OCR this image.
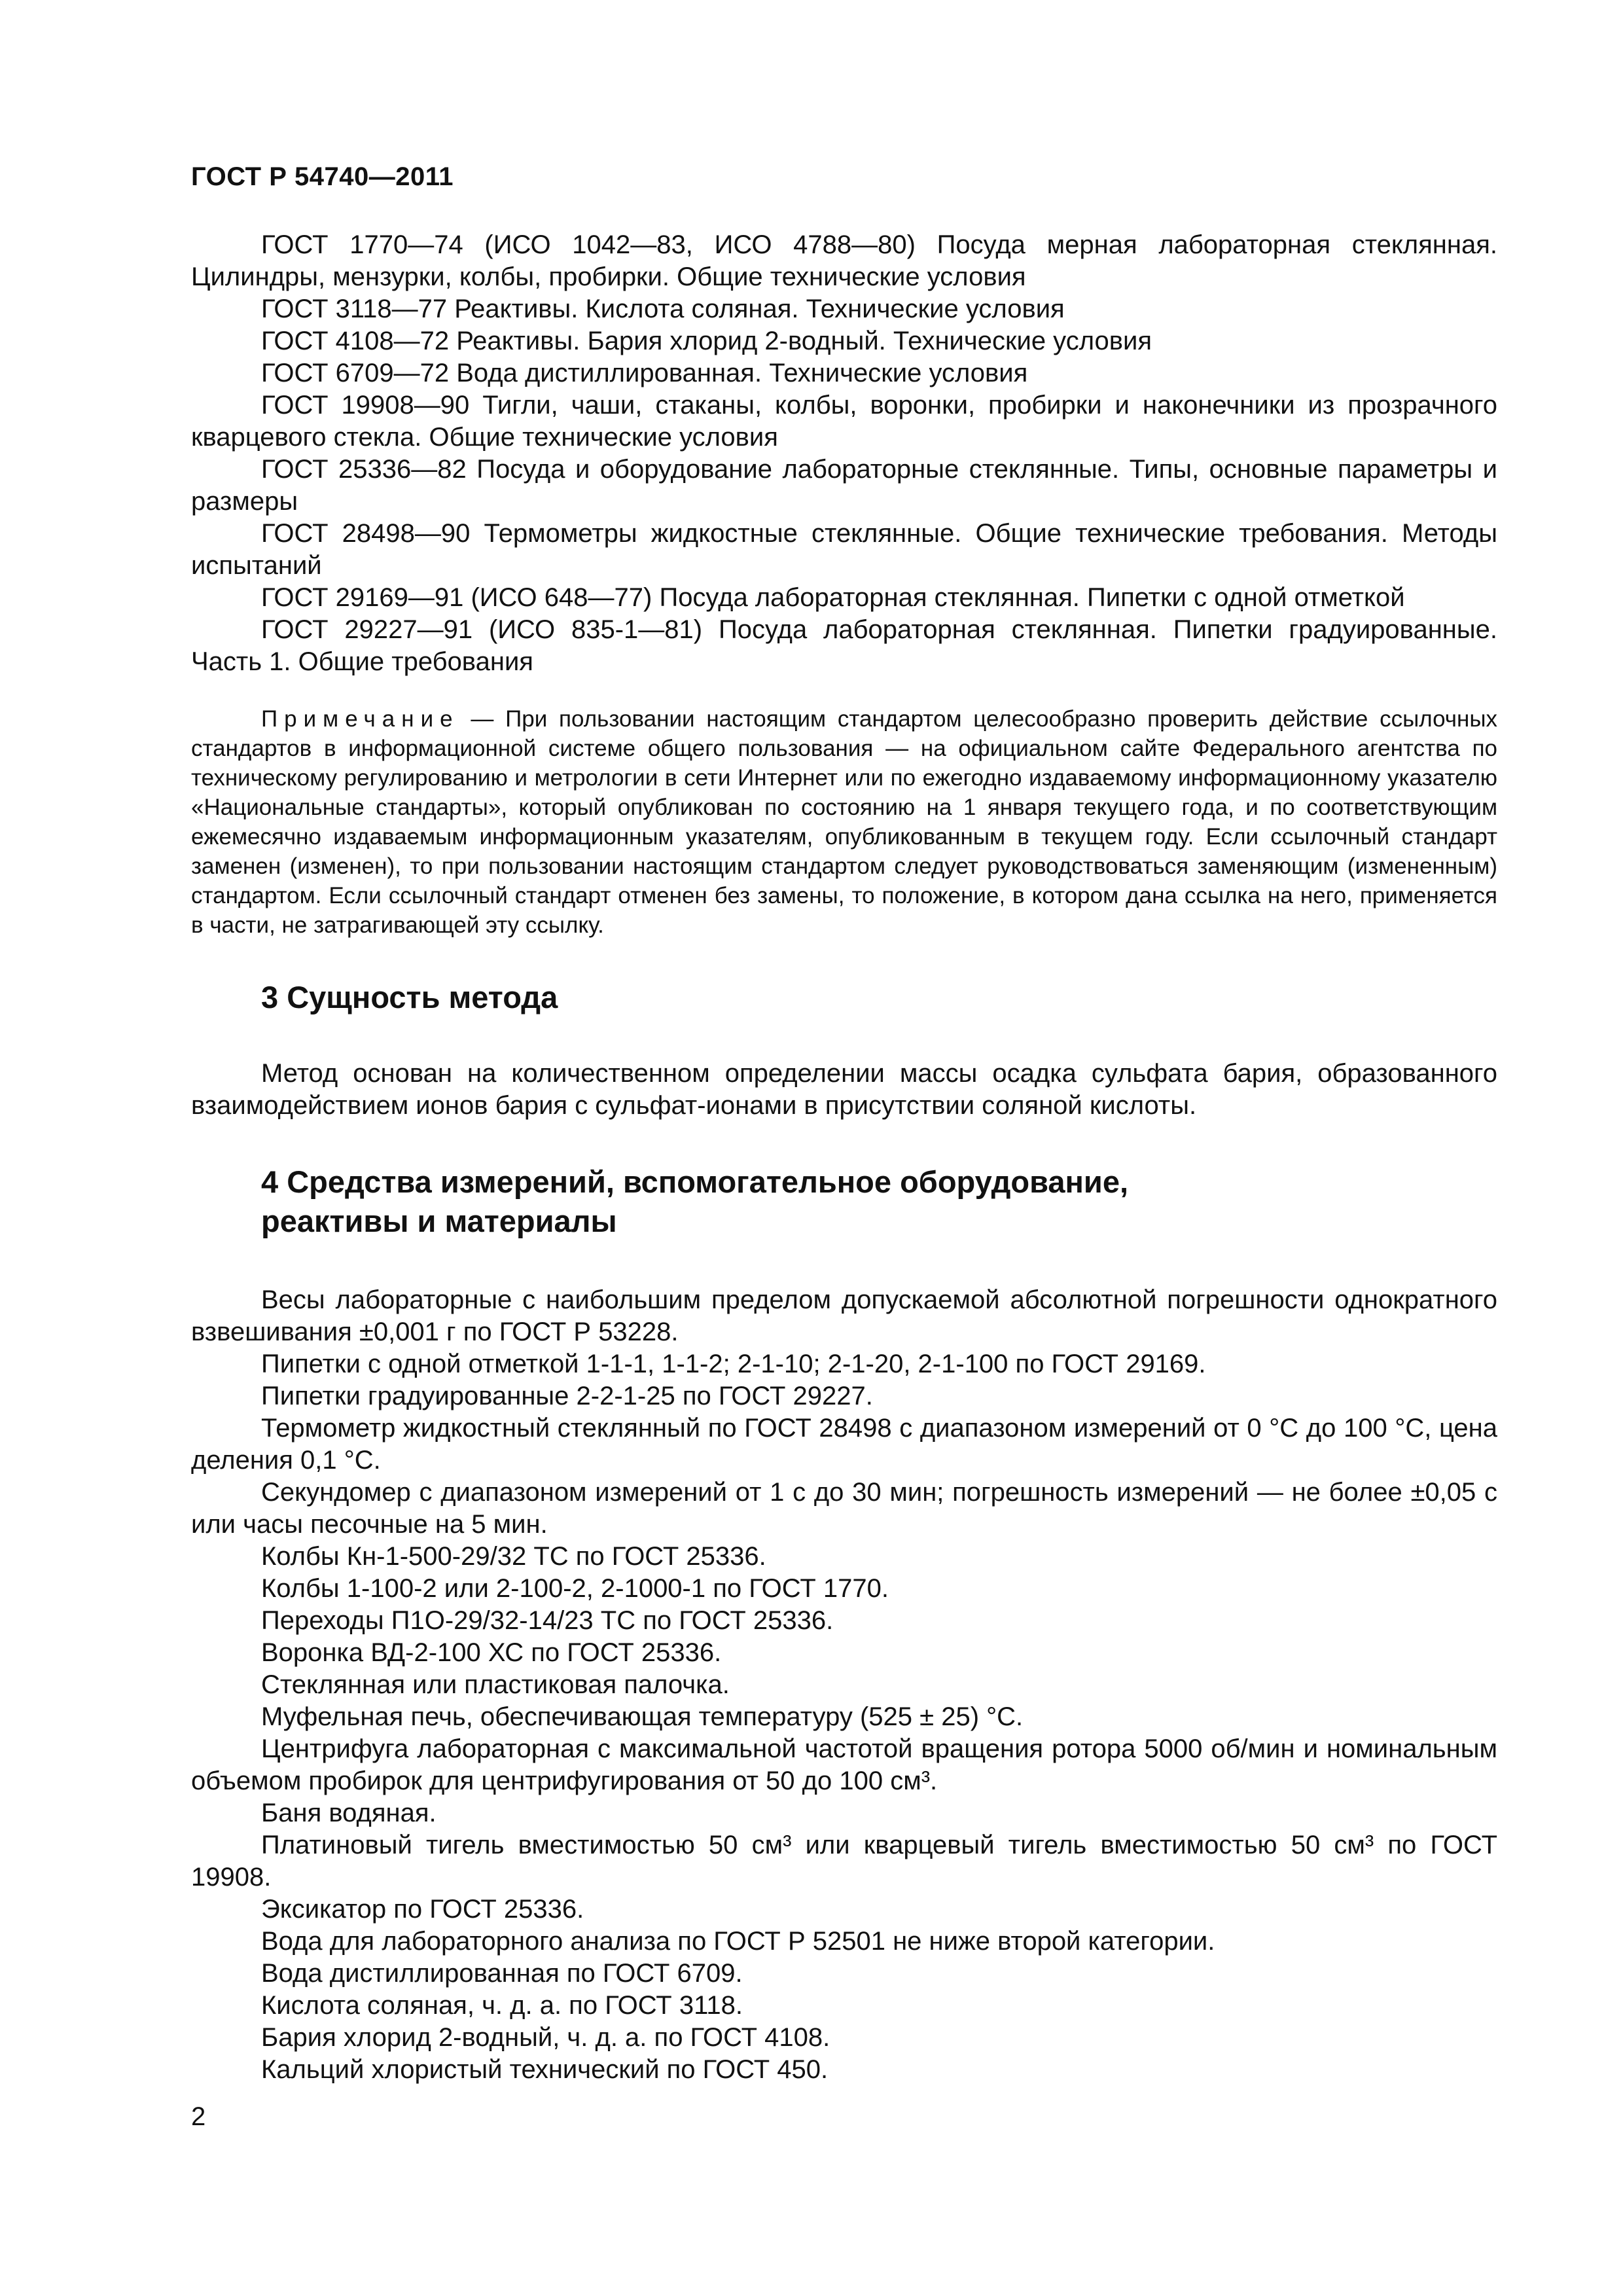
ГОСТ Р 54740—2011

ГОСТ 1770—74 (ИСО 1042—83, ИСО 4788—80) Посуда мерная лабораторная стеклянная. Цилиндры, мензурки, колбы, пробирки. Общие технические условия

ГОСТ 3118—77 Реактивы. Кислота соляная. Технические условия

ГОСТ 4108—72 Реактивы. Бария хлорид 2-водный. Технические условия

ГОСТ 6709—72 Вода дистиллированная. Технические условия

ГОСТ 19908—90 Тигли, чаши, стаканы, колбы, воронки, пробирки и наконечники из прозрачного кварцевого стекла. Общие технические условия

ГОСТ 25336—82 Посуда и оборудование лабораторные стеклянные. Типы, основные параметры и размеры

ГОСТ 28498—90 Термометры жидкостные стеклянные. Общие технические требования. Методы испытаний

ГОСТ 29169—91 (ИСО 648—77) Посуда лабораторная стеклянная. Пипетки с одной отметкой

ГОСТ 29227—91 (ИСО 835-1—81) Посуда лабораторная стеклянная. Пипетки градуированные. Часть 1. Общие требования

Примечание — При пользовании настоящим стандартом целесообразно проверить действие ссылочных стандартов в информационной системе общего пользования — на официальном сайте Федерального агентства по техническому регулированию и метрологии в сети Интернет или по ежегодно издаваемому информационному указателю «Национальные стандарты», который опубликован по состоянию на 1 января текущего года, и по соответствующим ежемесячно издаваемым информационным указателям, опубликованным в текущем году. Если ссылочный стандарт заменен (изменен), то при пользовании настоящим стандартом следует руководствоваться заменяющим (измененным) стандартом. Если ссылочный стандарт отменен без замены, то положение, в котором дана ссылка на него, применяется в части, не затрагивающей эту ссылку.
3 Сущность метода

Метод основан на количественном определении массы осадка сульфата бария, образованного взаимодействием ионов бария с сульфат-ионами в присутствии соляной кислоты.

4 Средства измерений, вспомогательное оборудование,
реактивы и материалы

Весы лабораторные с наибольшим пределом допускаемой абсолютной погрешности однократного взвешивания ±0,001 г по ГОСТ Р 53228.

Пипетки с одной отметкой 1-1-1, 1-1-2; 2-1-10; 2-1-20, 2-1-100 по ГОСТ 29169.

Пипетки градуированные 2-2-1-25 по ГОСТ 29227.

Термометр жидкостный стеклянный по ГОСТ 28498 с диапазоном измерений от 0 °С до 100 °С, цена деления 0,1 °С.

Секундомер с диапазоном измерений от 1 с до 30 мин; погрешность измерений — не более ±0,05 с или часы песочные на 5 мин.

Колбы Кн-1-500-29/32 ТС по ГОСТ 25336.

Колбы 1-100-2 или 2-100-2, 2-1000-1 по ГОСТ 1770.

Переходы П1О-29/32-14/23 ТС по ГОСТ 25336.

Воронка ВД-2-100 ХС по ГОСТ 25336.

Стеклянная или пластиковая палочка.

Муфельная печь, обеспечивающая температуру (525 ± 25) °С.

Центрифуга лабораторная с максимальной частотой вращения ротора 5000 об/мин и номинальным объемом пробирок для центрифугирования от 50 до 100 см³.

Баня водяная.

Платиновый тигель вместимостью 50 см³ или кварцевый тигель вместимостью 50 см³ по ГОСТ 19908.

Эксикатор по ГОСТ 25336.

Вода для лабораторного анализа по ГОСТ Р 52501 не ниже второй категории.

Вода дистиллированная по ГОСТ 6709.

Кислота соляная, ч. д. а. по ГОСТ 3118.

Бария хлорид 2-водный, ч. д. а. по ГОСТ 4108.

Кальций хлористый технический по ГОСТ 450.

2
